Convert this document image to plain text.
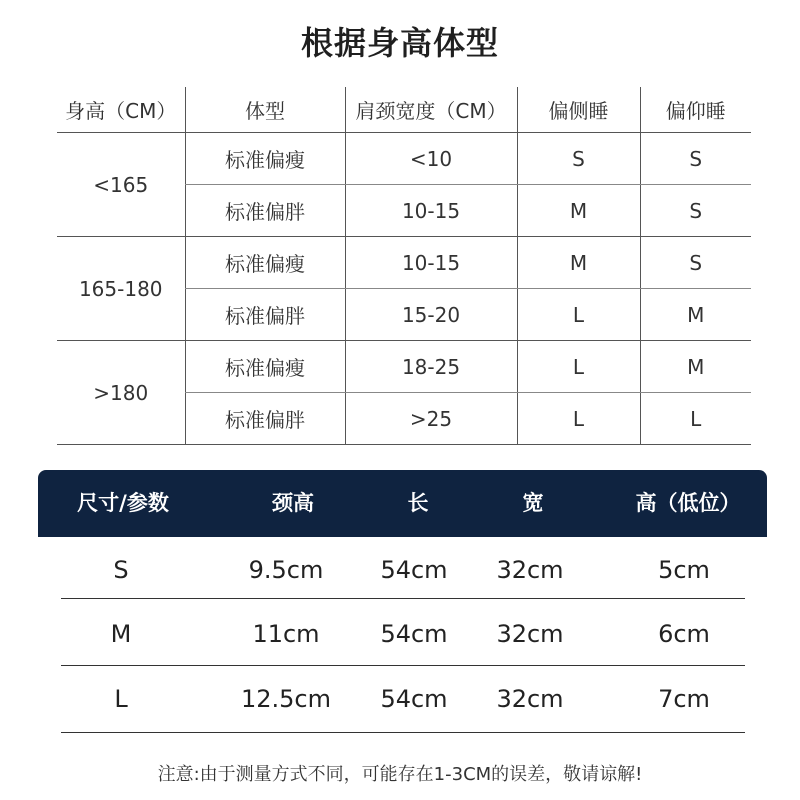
根据身高体型
身高（CM）	体型	肩颈宽度（CM）	偏侧睡	偏仰睡
<165	标准偏瘦	<10	S	S
	标准偏胖	10-15	M	S
165-180	标准偏瘦	10-15	M	S
	标准偏胖	15-20	L	M
>180	标准偏瘦	18-25	L	M
	标准偏胖	>25	L	L
尺寸/参数	颈高	长	宽	高（低位）
S	9.5cm	54cm	32cm	5cm
M	11cm	54cm	32cm	6cm
L	12.5cm	54cm	32cm	7cm
注意:由于测量方式不同，可能存在1-3CM的误差，敬请谅解!
